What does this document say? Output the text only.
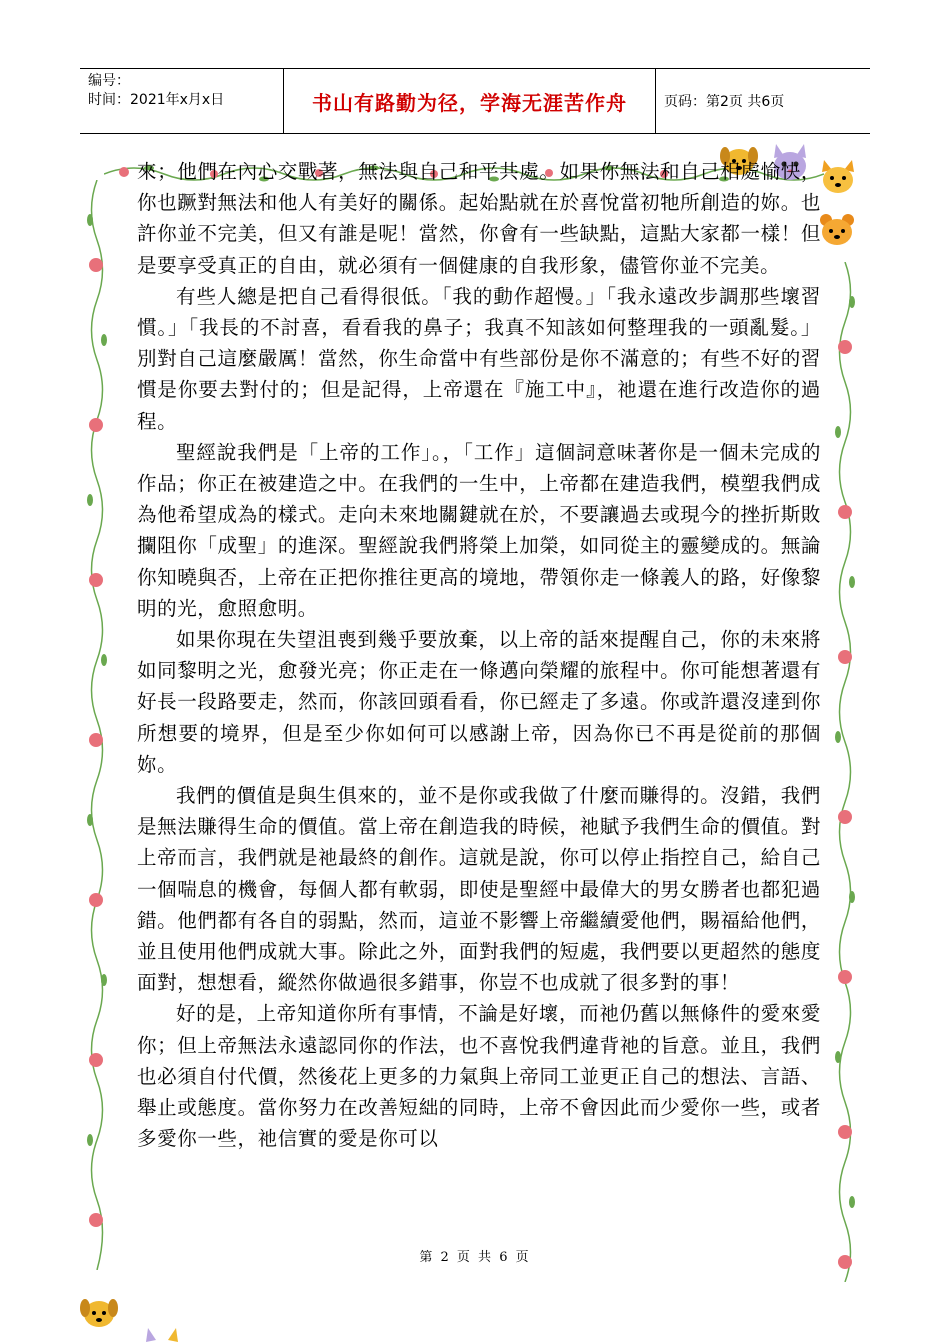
编号：
时间：2021年x月x日	书山有路勤为径，学海无涯苦作舟	页码：第2页 共6页

來；他們在內心交戰著，無法與自己和平共處。如果你無法和自己相處愉快，你也蹶對無法和他人有美好的關係。起始點就在於喜悅當初牠所創造的妳。也許你並不完美，但又有誰是呢！當然，你會有一些缺點，這點大家都一樣！但是要享受真正的自由，就必須有一個健康的自我形象，儘管你並不完美。

有些人總是把自己看得很低。「我的動作超慢。」「我永遠改步調那些壞習慣。」「我長的不討喜，看看我的鼻子；我真不知該如何整理我的一頭亂髮。」別對自己這麼嚴厲！當然，你生命當中有些部份是你不滿意的；有些不好的習慣是你要去對付的；但是記得，上帝還在『施工中』，祂還在進行改造你的過程。

聖經說我們是「上帝的工作」。，「工作」這個詞意味著你是一個未完成的作品；你正在被建造之中。在我們的一生中，上帝都在建造我們，模塑我們成為他希望成為的樣式。走向未來地關鍵就在於，不要讓過去或現今的挫折斯敗攔阻你「成聖」的進深。聖經說我們將榮上加榮，如同從主的靈變成的。無論你知曉與否，上帝在正把你推往更高的境地，帶領你走一條義人的路，好像黎明的光，愈照愈明。

如果你現在失望沮喪到幾乎要放棄，以上帝的話來提醒自己，你的未來將如同黎明之光，愈發光亮；你正走在一條邁向榮耀的旅程中。你可能想著還有好長一段路要走，然而，你該回頭看看，你已經走了多遠。你或許還沒達到你所想要的境界，但是至少你如何可以感謝上帝，因為你已不再是從前的那個妳。

我們的價值是與生俱來的，並不是你或我做了什麼而賺得的。沒錯，我們是無法賺得生命的價值。當上帝在創造我的時候，祂賦予我們生命的價值。對上帝而言，我們就是祂最終的創作。這就是說，你可以停止指控自己，給自己一個喘息的機會，每個人都有軟弱，即使是聖經中最偉大的男女勝者也都犯過錯。他們都有各自的弱點，然而，這並不影響上帝繼續愛他們，賜福給他們，並且使用他們成就大事。除此之外，面對我們的短處，我們要以更超然的態度面對，想想看，縱然你做過很多錯事，你豈不也成就了很多對的事！

好的是，上帝知道你所有事情，不論是好壞，而祂仍舊以無條件的愛來愛你；但上帝無法永遠認同你的作法，也不喜悅我們違背祂的旨意。並且，我們也必須自付代價，然後花上更多的力氣與上帝同工並更正自己的想法、言語、舉止或態度。當你努力在改善短絀的同時，上帝不會因此而少愛你一些，或者多愛你一些，祂信實的愛是你可以

第 2 页 共 6 页
